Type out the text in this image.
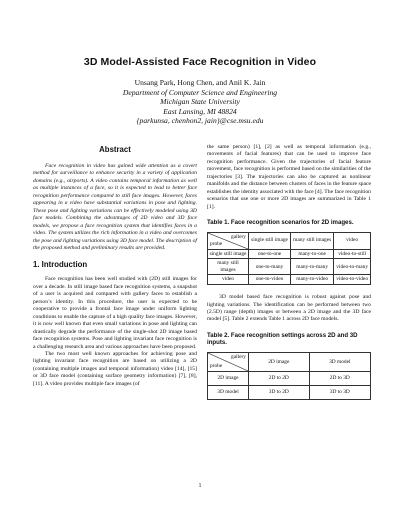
3D Model-Assisted Face Recognition in Video
Unsang Park, Hong Chen, and Anil K. Jain
Department of Computer Science and Engineering
Michigan State University
East Lansing, MI 48824
{parkunsa, chenhon2, jain}@cse.msu.edu
Abstract

Face recognition in video has gained wide attention as a covert method for surveillance to enhance security in a variety of application domains (e.g., airports). A video contains temporal information as well as multiple instances of a face, so it is expected to lead to better face recognition performance compared to still face images. However, faces appearing in a video have substantial variations in pose and lighting. These pose and lighting variations can be effectively modeled using 3D face models. Combining the advantages of 2D video and 3D face models, we propose a face recognition system that identifies faces in a video. The system utilizes the rich information in a video and overcomes the pose and lighting variations using 3D face model. The description of the proposed method and preliminary results are provided.

1. Introduction

Face recognition has been well studied with (2D) still images for over a decade. In still image based face recognition systems, a snapshot of a user is acquired and compared with gallery faces to establish a person’s identity. In this procedure, the user is expected to be cooperative to provide a frontal face image under uniform lighting conditions to enable the capture of a high quality face images. However, it is now well known that even small variations in pose and lighting can drastically degrade the performance of the single-shot 2D image based face recognition systems. Pose and lighting invariant face recognition is a challenging research area and various approaches have been proposed.

The two most well known approaches for achieving pose and lighting invariant face recognition are based on utilizing a 2D (containing multiple images and temporal information) video [14], [15] or 3D face model (containing surface geometry information) [7], [8], [11]. A video provides multiple face images (of

the same person) [1], [2] as well as temporal information (e.g., movements of facial features) that can be used to improve face recognition performance. Given the trajectories of facial feature movement, face recognition is performed based on the similarities of the trajectories [3]. The trajectories can also be captured as nonlinear manifolds and the distance between clusters of faces in the feature space establishes the identity associated with the face [4]. The face recognition scenarios that use one or more 2D images are summarized in Table 1 [1].

Table 1. Face recognition scenarios for 2D images.
gallery
probe	single still image	many still images	video
single still image	one-to-one	many-to-one	video-to-still
many still images	one-to-many	many-to-many	video-to-many
video	one-to-video	many-to-video	video-to-video

3D model based face recognition is robust against pose and lighting variations. The identification can be performed between two (2.5D) range (depth) images or between a 2D image and the 3D face model [5]. Table 2 extends Table 1 across 2D face models.

Table 2. Face recognition settings across 2D and 3D inputs.
gallery
probe	2D image	3D model
2D image	2D to 2D	2D to 3D
3D model	3D to 2D	3D to 3D
1
